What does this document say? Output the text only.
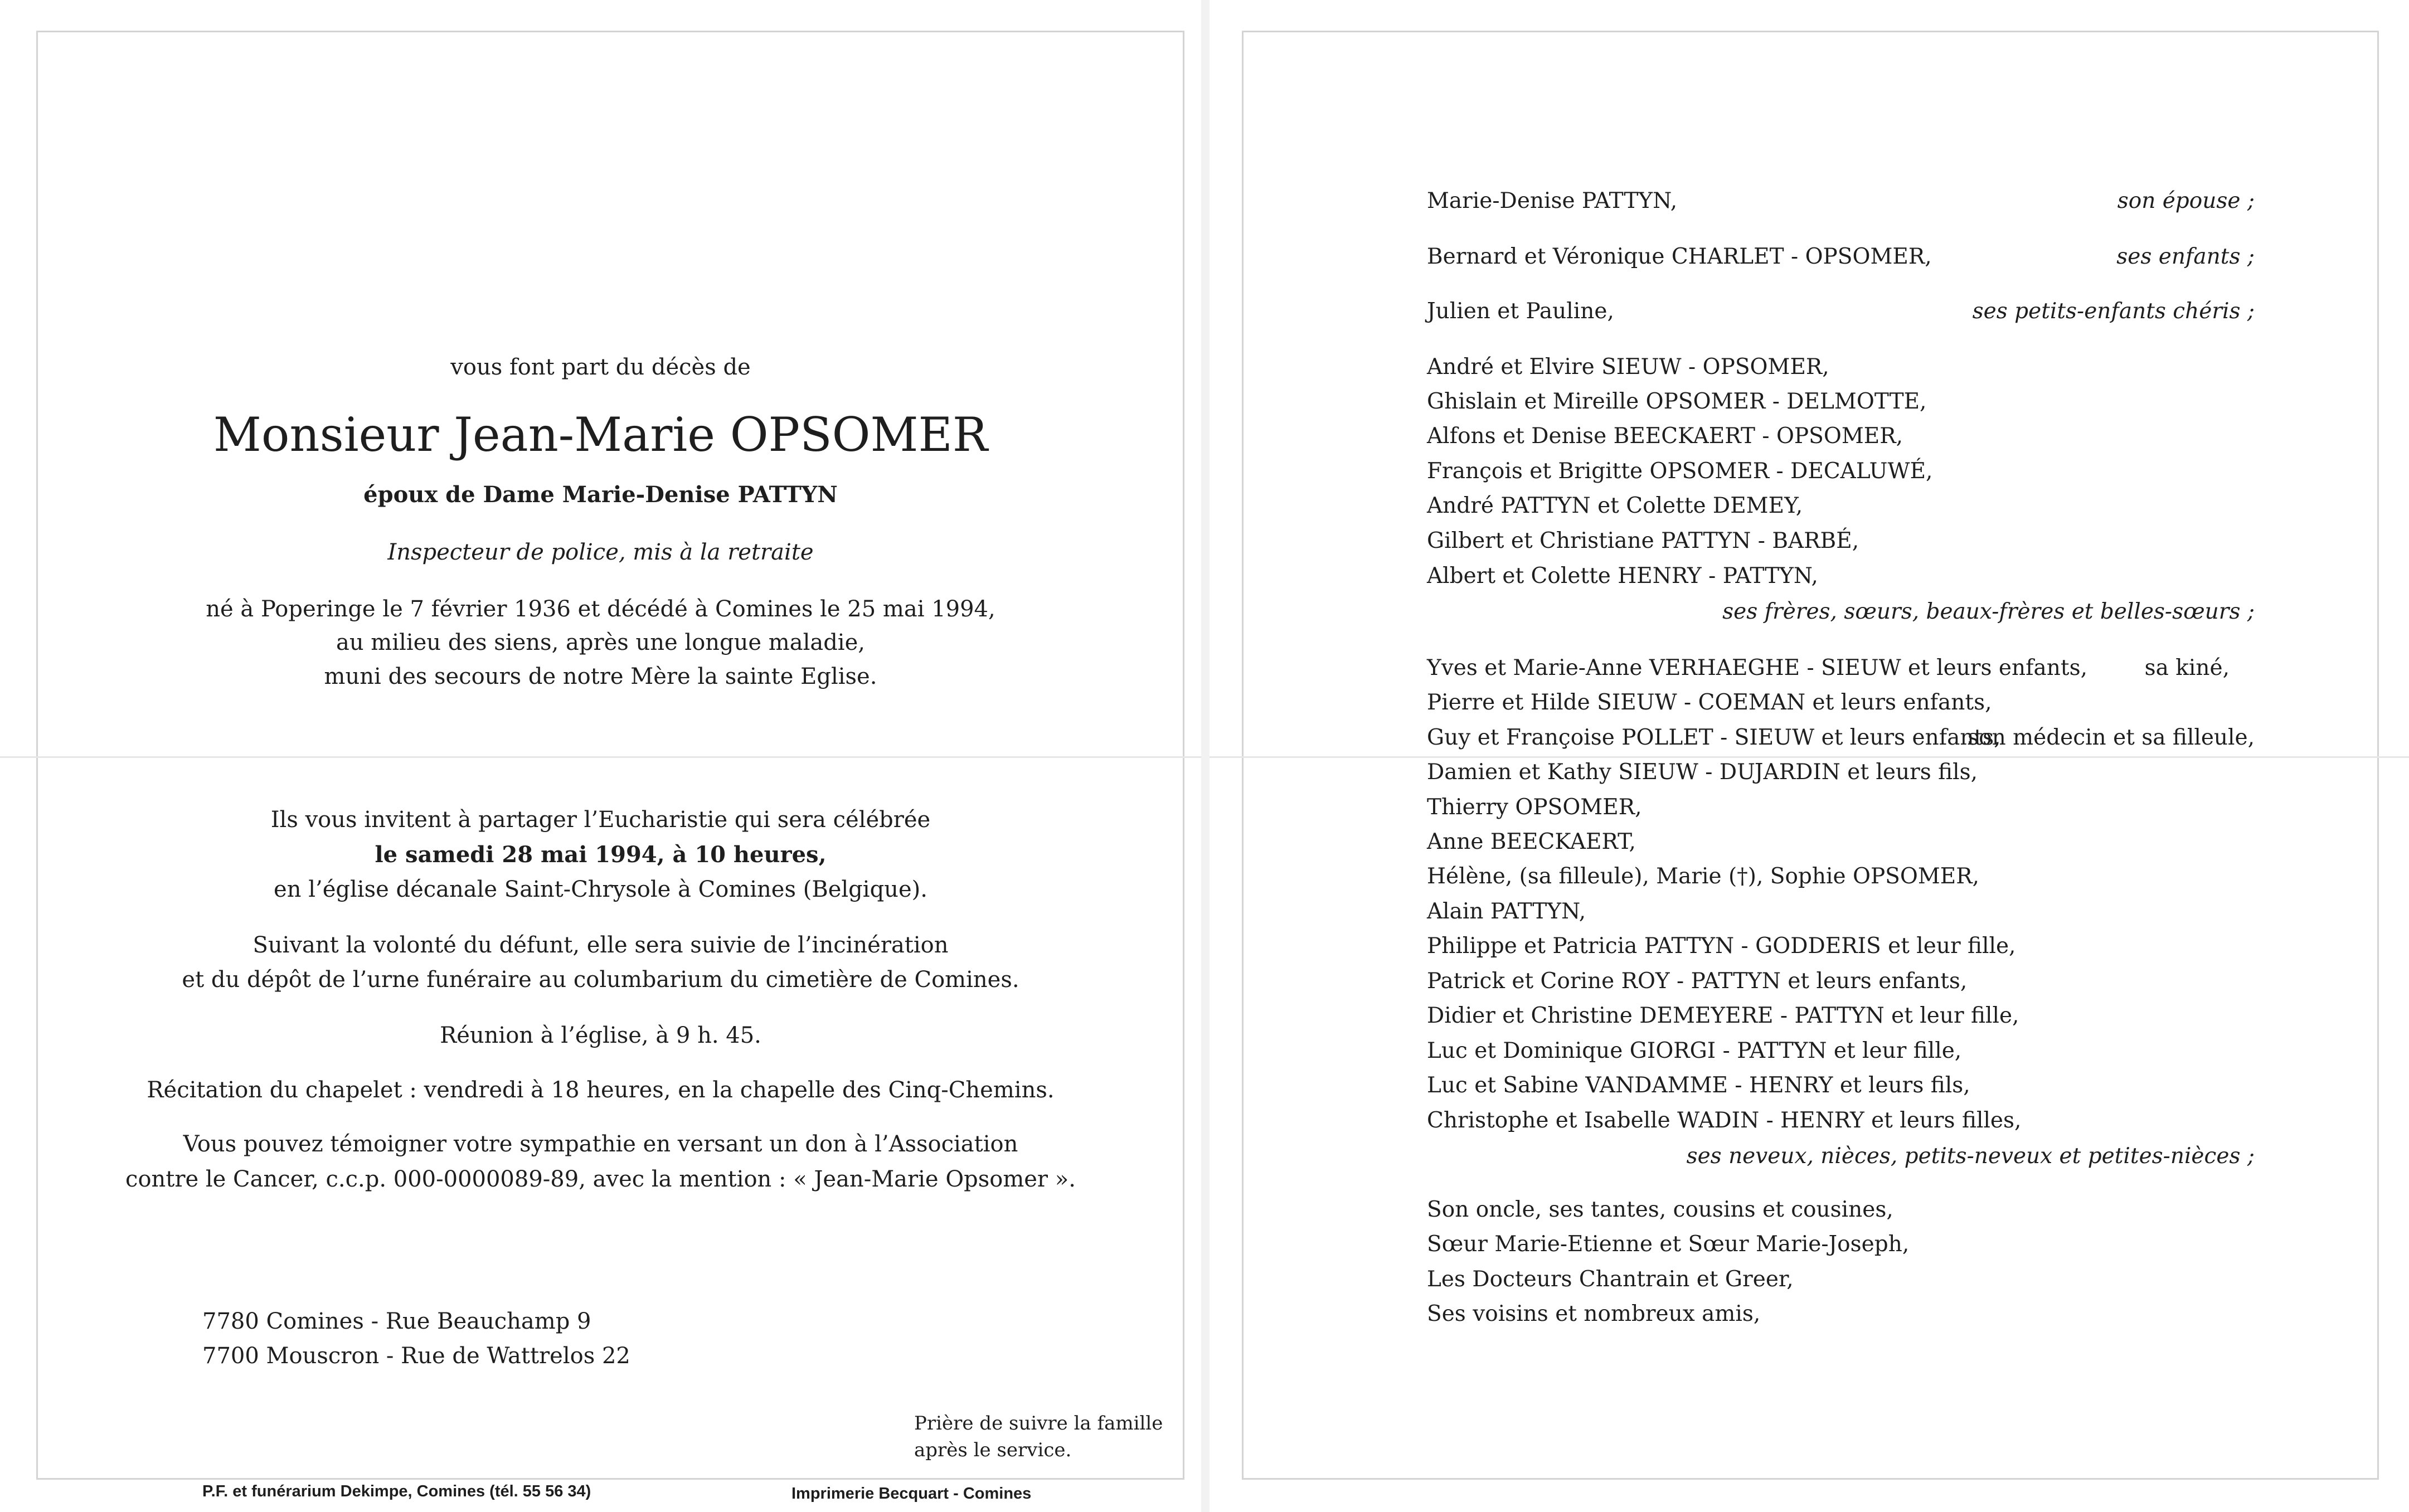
vous font part du décès de
Monsieur Jean-Marie OPSOMER
époux de Dame Marie-Denise PATTYN
Inspecteur de police, mis à la retraite
né à Poperinge le 7 février 1936 et décédé à Comines le 25 mai 1994,
au milieu des siens, après une longue maladie,
muni des secours de notre Mère la sainte Eglise.
Ils vous invitent à partager l’Eucharistie qui sera célébrée
le samedi 28 mai 1994, à 10 heures,
en l’église décanale Saint-Chrysole à Comines (Belgique).
Suivant la volonté du défunt, elle sera suivie de l’incinération
et du dépôt de l’urne funéraire au columbarium du cimetière de Comines.
Réunion à l’église, à 9 h. 45.
Récitation du chapelet : vendredi à 18 heures, en la chapelle des Cinq-Chemins.
Vous pouvez témoigner votre sympathie en versant un don à l’Association
contre le Cancer, c.c.p. 000-0000089-89, avec la mention : « Jean-Marie Opsomer ».
7780 Comines - Rue Beauchamp 9
7700 Mouscron - Rue de Wattrelos 22
Prière de suivre la famille
après le service.
P.F. et funérarium Dekimpe, Comines (tél. 55 56 34)	Imprimerie Becquart - Comines
Marie-Denise PATTYN,	son épouse ;
Bernard et Véronique CHARLET - OPSOMER,	ses enfants ;
Julien et Pauline,	ses petits-enfants chéris ;
André et Elvire SIEUW - OPSOMER,
Ghislain et Mireille OPSOMER - DELMOTTE,
Alfons et Denise BEECKAERT - OPSOMER,
François et Brigitte OPSOMER - DECALUWÉ,
André PATTYN et Colette DEMEY,
Gilbert et Christiane PATTYN - BARBÉ,
Albert et Colette HENRY - PATTYN,
ses frères, sœurs, beaux-frères et belles-sœurs ;
Yves et Marie-Anne VERHAEGHE - SIEUW et leurs enfants,	sa kiné,
Pierre et Hilde SIEUW - COEMAN et leurs enfants,
Guy et Françoise POLLET - SIEUW et leurs enfants,
son médecin et sa filleule,
Damien et Kathy SIEUW - DUJARDIN et leurs fils,
Thierry OPSOMER,
Anne BEECKAERT,
Hélène, (sa filleule), Marie (†), Sophie OPSOMER,
Alain PATTYN,
Philippe et Patricia PATTYN - GODDERIS et leur fille,
Patrick et Corine ROY - PATTYN et leurs enfants,
Didier et Christine DEMEYERE - PATTYN et leur fille,
Luc et Dominique GIORGI - PATTYN et leur fille,
Luc et Sabine VANDAMME - HENRY et leurs fils,
Christophe et Isabelle WADIN - HENRY et leurs filles,
ses neveux, nièces, petits-neveux et petites-nièces ;
Son oncle, ses tantes, cousins et cousines,
Sœur Marie-Etienne et Sœur Marie-Joseph,
Les Docteurs Chantrain et Greer,
Ses voisins et nombreux amis,
